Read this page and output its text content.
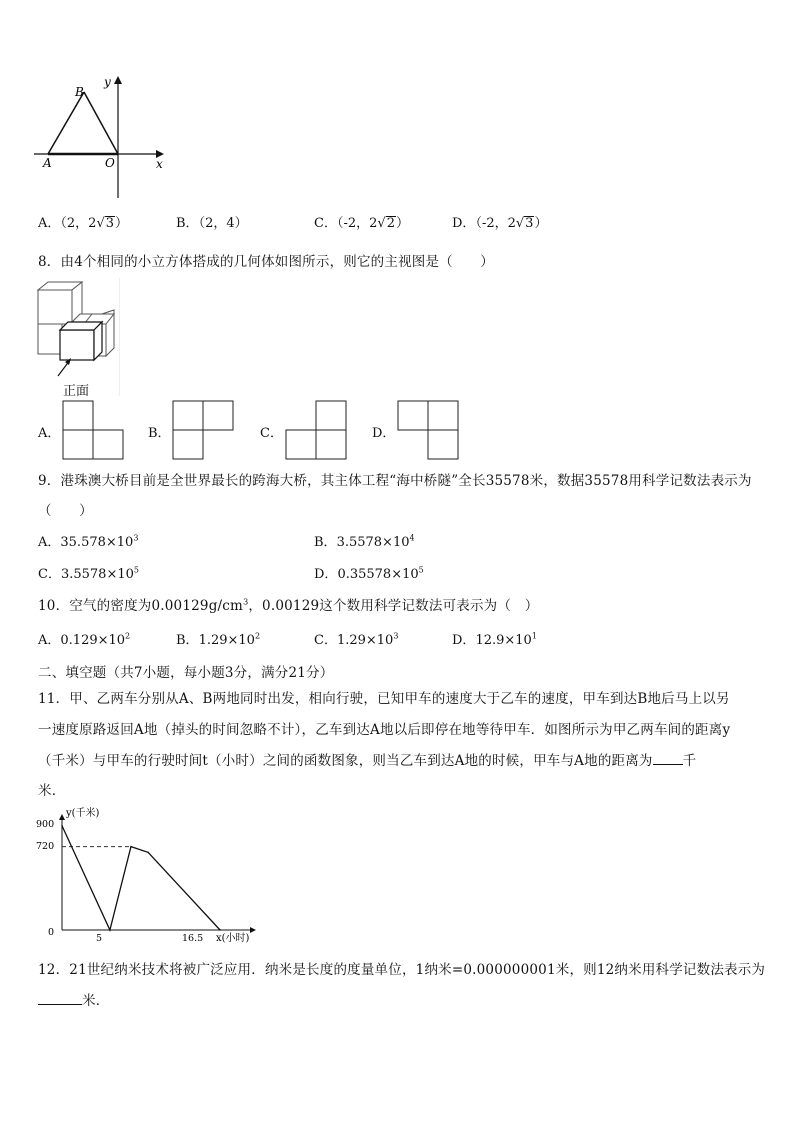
y
x
B
A	O
A．（2，2√3）	B．（2，4）	C．（-2，2√2）	D．（-2，2√3）
8．由4个相同的小立方体搭成的几何体如图所示，则它的主视图是（　　）
正面
A．	B．	C．	D．
9．港珠澳大桥目前是全世界最长的跨海大桥，其主体工程“海中桥隧”全长35578米，数据35578用科学记数法表示为
（　　）
A．$35.578\times 10^3$	B．$3.5578\times 10^4$
C．$3.5578\times 10^5$	D．$0.35578\times 10^5$
10．空气的密度为$0.00129g/cm^3$，0.00129这个数用科学记数法可表示为（　）
A．$0.129\times 10^2$	B．$1.29\times 10^2$	C．$1.29\times 10^3$	D．$12.9\times 10^1$
二、填空题（共7小题，每小题3分，满分21分）
11．甲、乙两车分别从A、B两地同时出发，相向行驶，已知甲车的速度大于乙车的速度，甲车到达B地后马上以另
一速度原路返回A地（掉头的时间忽略不计），乙车到达A地以后即停在地等待甲车．如图所示为甲乙两车间的距离y
（千米）与甲车的行驶时间t（小时）之间的函数图象，则当乙车到达A地的时候，甲车与A地的距离为 千
米．
y(千米)
x(小时)
900
720
0
5	16.5
12．21世纪纳米技术将被广泛应用．纳米是长度的度量单位，1纳米=0.000000001米，则12纳米用科学记数法表示为
米．
